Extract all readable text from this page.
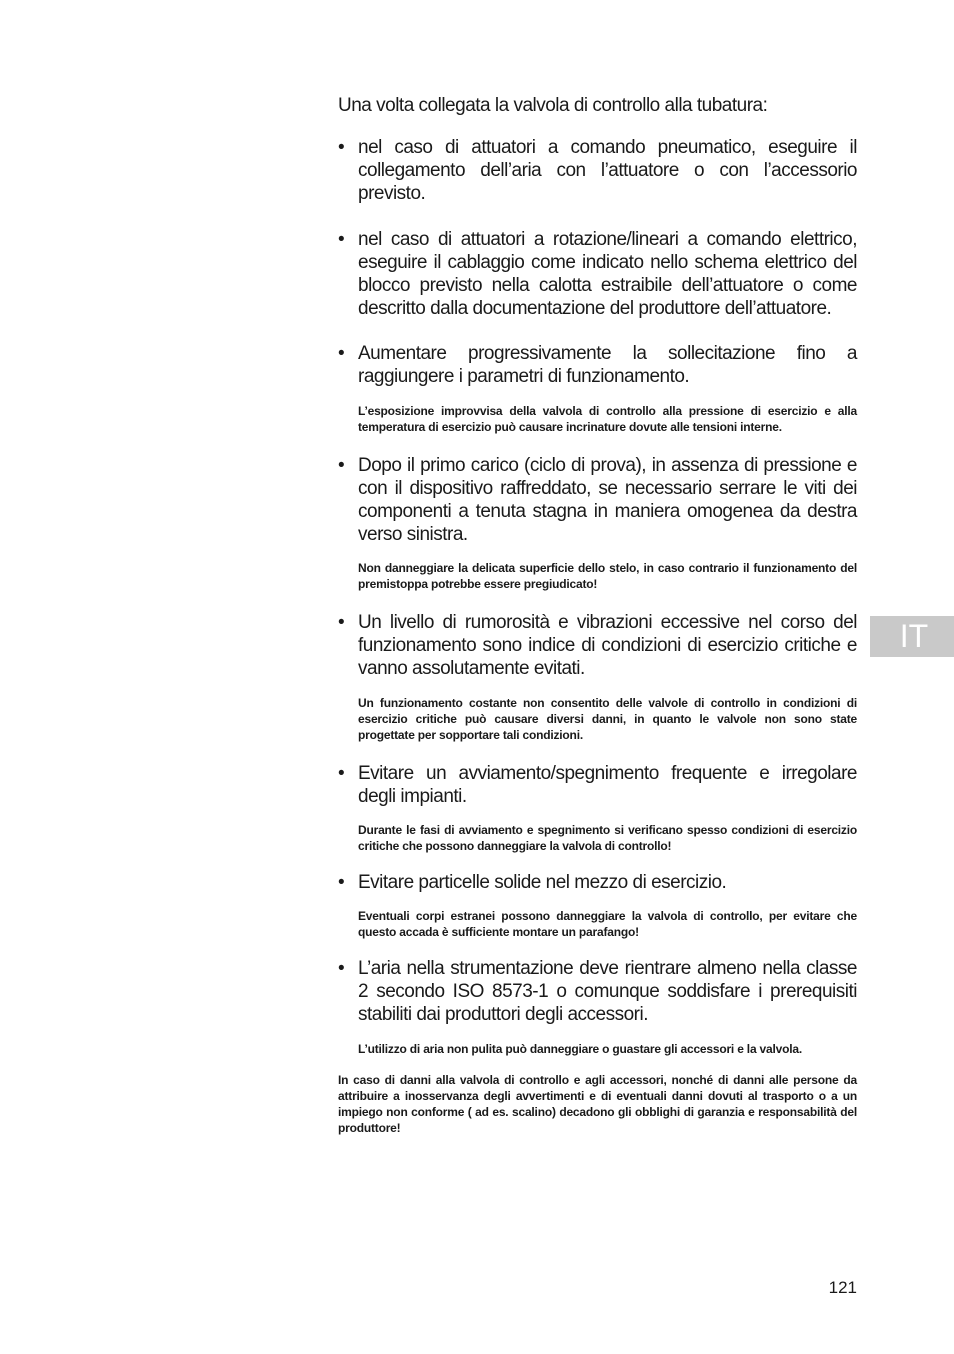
Una volta collegata la valvola di controllo alla tubatura:

• nel caso di attuatori a comando pneumatico, eseguire il collegamento dell’aria con l’attuatore o con l’accessorio previsto.

• nel caso di attuatori a rotazione/lineari a comando elettrico, eseguire il cablaggio come indicato nello schema elettrico del blocco previsto nella calotta estraibile dell’attuatore o come descritto dalla documentazione del produttore dell’attuatore.

• Aumentare progressivamente la sollecitazione fino a raggiungere i parametri di funzionamento.

L’esposizione improvvisa della valvola di controllo alla pressione di esercizio e alla temperatura di esercizio può causare incrinature dovute alle tensioni interne.

• Dopo il primo carico (ciclo di prova), in assenza di pressione e con il dispositivo raffreddato, se necessario serrare le viti dei componenti a tenuta stagna in maniera omogenea da destra verso sinistra.

Non danneggiare la delicata superficie dello stelo, in caso contrario il funzionamento del premistoppa potrebbe essere pregiudicato!

• Un livello di rumorosità e vibrazioni eccessive nel corso del funzionamento sono indice di condizioni di esercizio critiche e vanno assolutamente evitati.

Un funzionamento costante non consentito delle valvole di controllo in condizioni di esercizio critiche può causare diversi danni, in quanto le valvole non sono state progettate per sopportare tali condizioni.

• Evitare un avviamento/spegnimento frequente e irregolare degli impianti.

Durante le fasi di avviamento e spegnimento si verificano spesso condizioni di esercizio critiche che possono danneggiare la valvola di controllo!

• Evitare particelle solide nel mezzo di esercizio.

Eventuali corpi estranei possono danneggiare la valvola di controllo, per evitare che questo accada è sufficiente montare un parafango!

• L’aria nella strumentazione deve rientrare almeno nella classe 2 secondo ISO 8573-1 o comunque soddisfare i prerequisiti stabiliti dai produttori degli accessori.

L’utilizzo di aria non pulita può danneggiare o guastare gli accessori e la valvola.

In caso di danni alla valvola di controllo e agli accessori, nonché di danni alle persone da attribuire a inosservanza degli avvertimenti e di eventuali danni dovuti al trasporto o a un impiego non conforme ( ad es. scalino) decadono gli obblighi di garanzia e responsabilità del produttore!

IT
121
